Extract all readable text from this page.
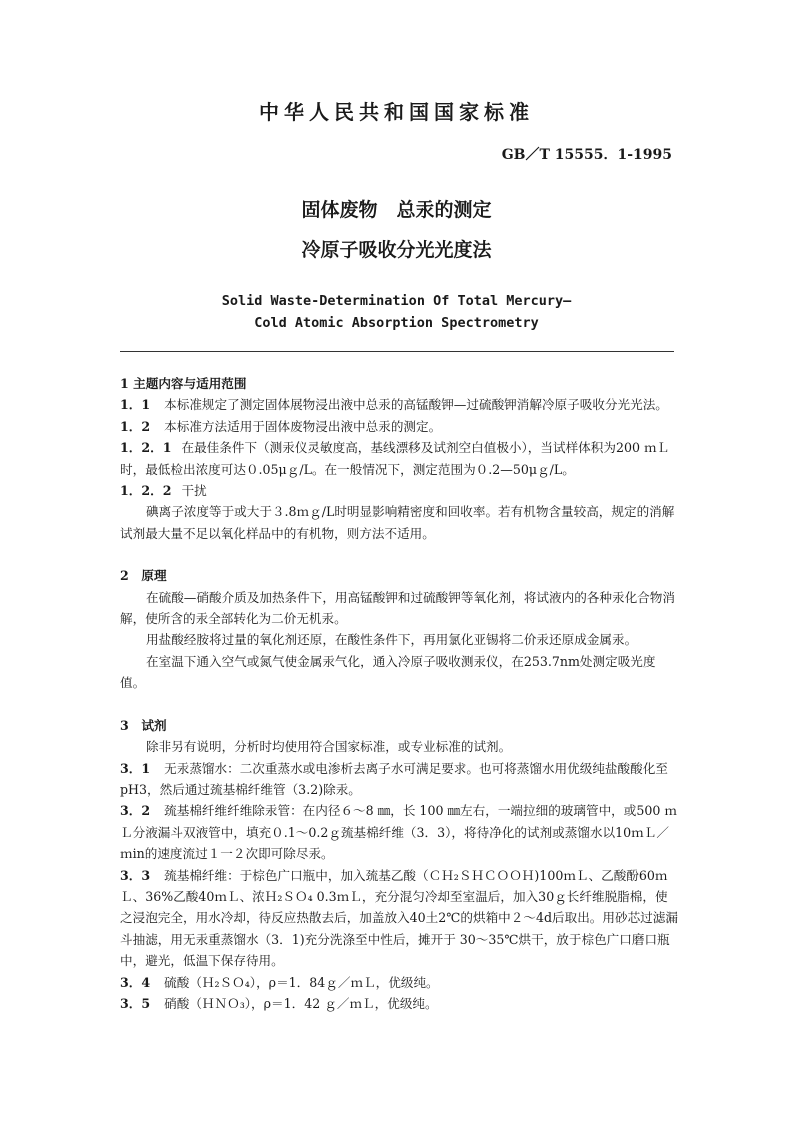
中华人民共和国国家标准
GB／T 15555．1-1995
固体废物　总汞的测定
冷原子吸收分光光度法
Solid Waste-Determination Of Total Mercury—
Cold Atomic Absorption Spectrometry

1 主题内容与适用范围

1．1 本标准规定了测定固体展物浸出液中总汞的高锰酸钾—过硫酸钾消解冷原子吸收分光光法。

1．2 本标准方法适用于固体废物浸出液中总汞的测定。

1．2．1 在最佳条件下（测汞仪灵敏度高，基线漂移及试剂空白值极小），当试样体积为200 ｍＬ时，最低检出浓度可达０.05μｇ/L。在一般情况下，测定范围为０.2—50μｇ/L。

1．2．2 干扰

碘离子浓度等于或大于３.8ｍｇ/L时明显影响精密度和回收率。若有机物含量较高，规定的消解试剂最大量不足以氧化样品中的有机物，则方法不适用。

2　原理

在硫酸—硝酸介质及加热条件下，用高锰酸钾和过硫酸钾等氧化剂，将试液内的各种汞化合物消解，使所含的汞全部转化为二价无机汞。

用盐酸经胺将过量的氧化剂还原，在酸性条件下，再用氯化亚锡将二价汞还原成金属汞。

在室温下通入空气或氮气使金属汞气化，通入冷原子吸收测汞仪，在253.7nm处测定吸光度值。

3　试剂

除非另有说明，分析时均使用符合国家标准，或专业标准的试剂。

3．1 无汞蒸馏水：二次重蒸水或电渗析去离子水可满足要求。也可将蒸馏水用优级纯盐酸酸化至pH3，然后通过巯基棉纤维管（3.2)除汞。

3．2 巯基棉纤维纤维除汞管：在内径６～8 ㎜，长 100 ㎜左右，一端拉细的玻璃管中，或500 ｍＬ分液漏斗双液管中，填充０.1～0.2ｇ巯基棉纤维（3．3），将待净化的试剂或蒸馏水以10ｍＬ／ｍin的速度流过１一２次即可除尽汞。

3．3 巯基棉纤维：于棕色广口瓶中，加入巯基乙酸（ＣＨ₂ＳＨＣＯＯＨ)100ｍＬ、乙酸酚60ｍＬ、36%乙酸40ｍＬ、浓Ｈ₂ＳＯ₄ 0.3ｍＬ，充分混匀冷却至室温后，加入30ｇ长纤维脱脂棉，使之浸泡完全，用水冷却，待反应热散去后，加盖放入40土2℃的烘箱中２～4d后取出。用砂芯过滤漏斗抽滤，用无汞重蒸馏水（3．1)充分洗涤至中性后，摊开于 30～35℃烘干，放于棕色广口磨口瓶中，避光，低温下保存待用。

3．4 硫酸（Ｈ₂ＳＯ₄），ρ＝1．84ｇ／ｍＬ，优级纯。

3．5 硝酸（ＨＮＯ₃），ρ＝1．42 ｇ／ｍＬ，优级纯。
